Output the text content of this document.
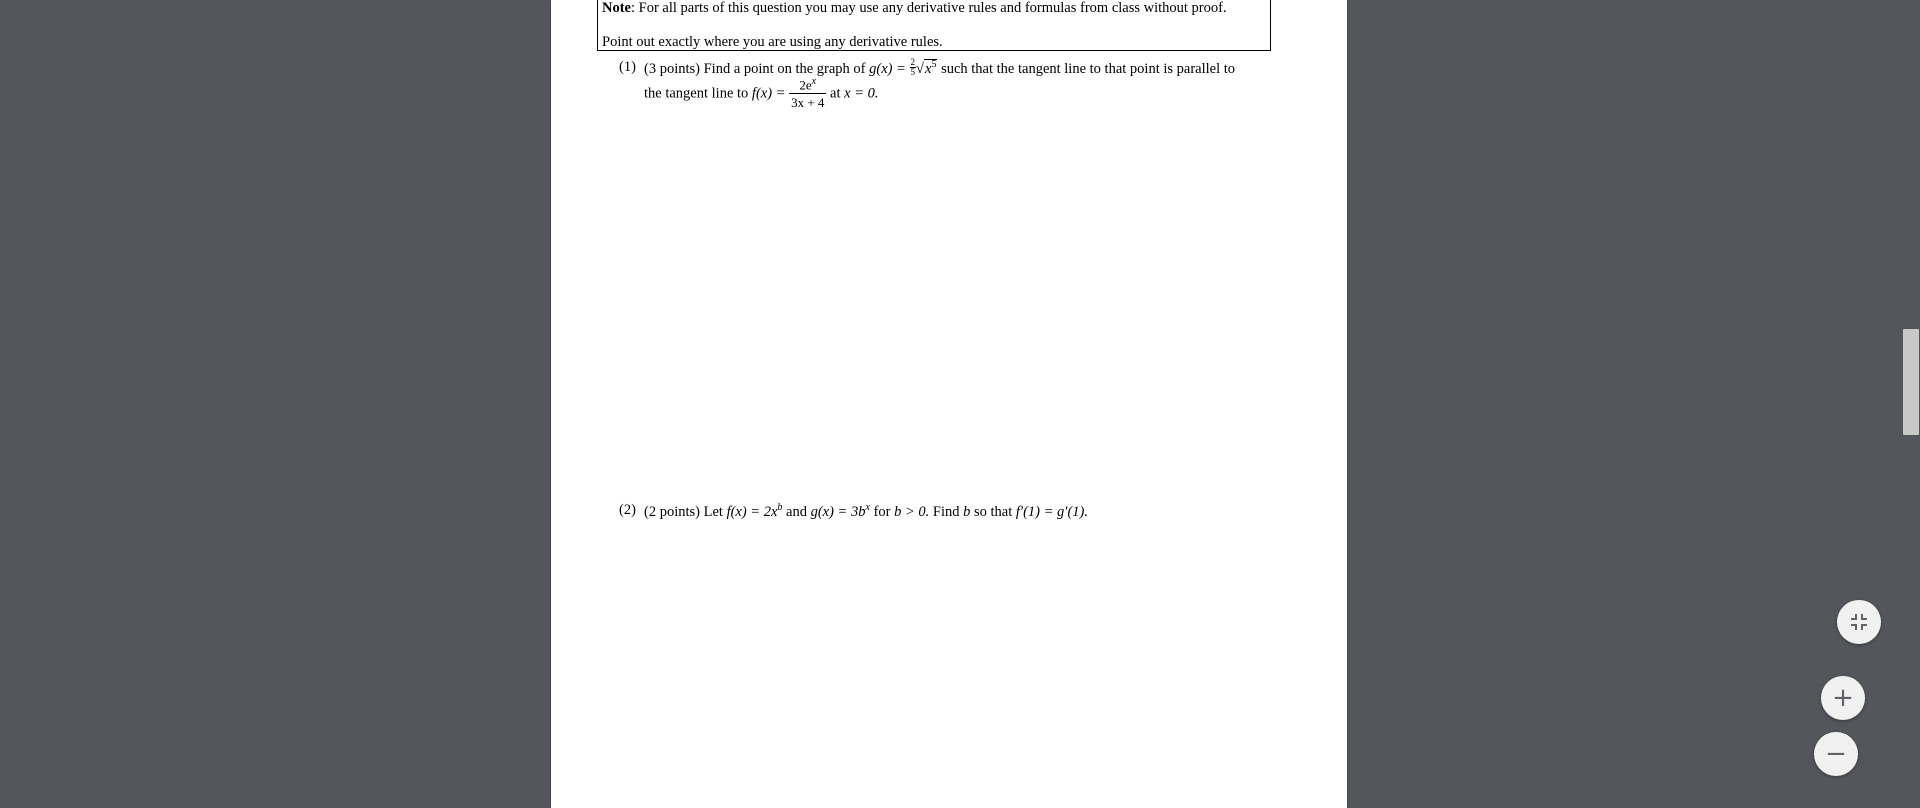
Note: For all parts of this question you may use any derivative rules and formulas from class without proof.
Point out exactly where you are using any derivative rules.
(1) (3 points) Find a point on the graph of $g(x) = \frac{2}{5} √x^5$ such that the tangent line to that point is parallel to
the tangent line to $f(x) = \frac{2e^x}{3x + 4}$ at x = 0.
(2) (2 points) Let $f(x) = 2x^b$ and $g(x) = 3b^x$ for b > 0. Find b so that f′(1) = g′(1).
+
−
